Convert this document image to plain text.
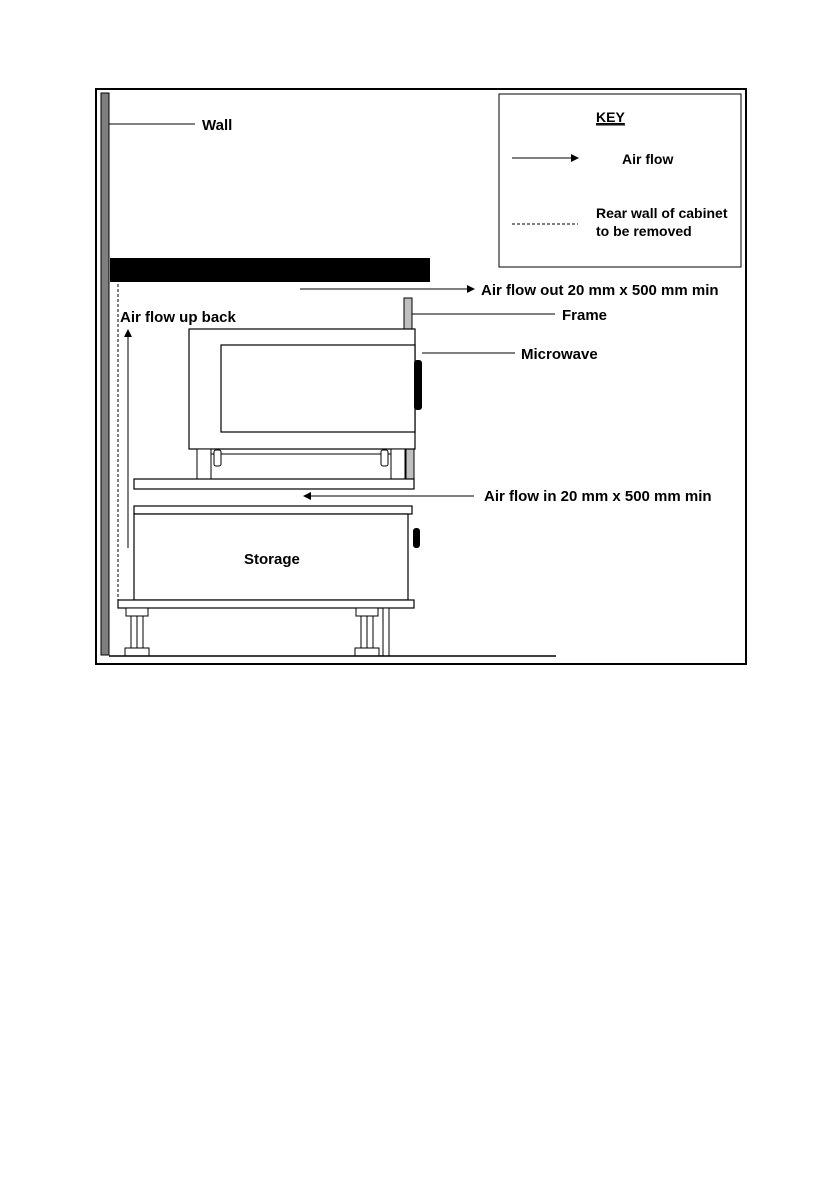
Wall
Air flow up back
Air flow out 20 mm x 500 mm min
Frame
Microwave
Air flow in 20 mm x 500 mm min
Storage
KEY
Air flow
Rear wall of cabinet
to be removed
